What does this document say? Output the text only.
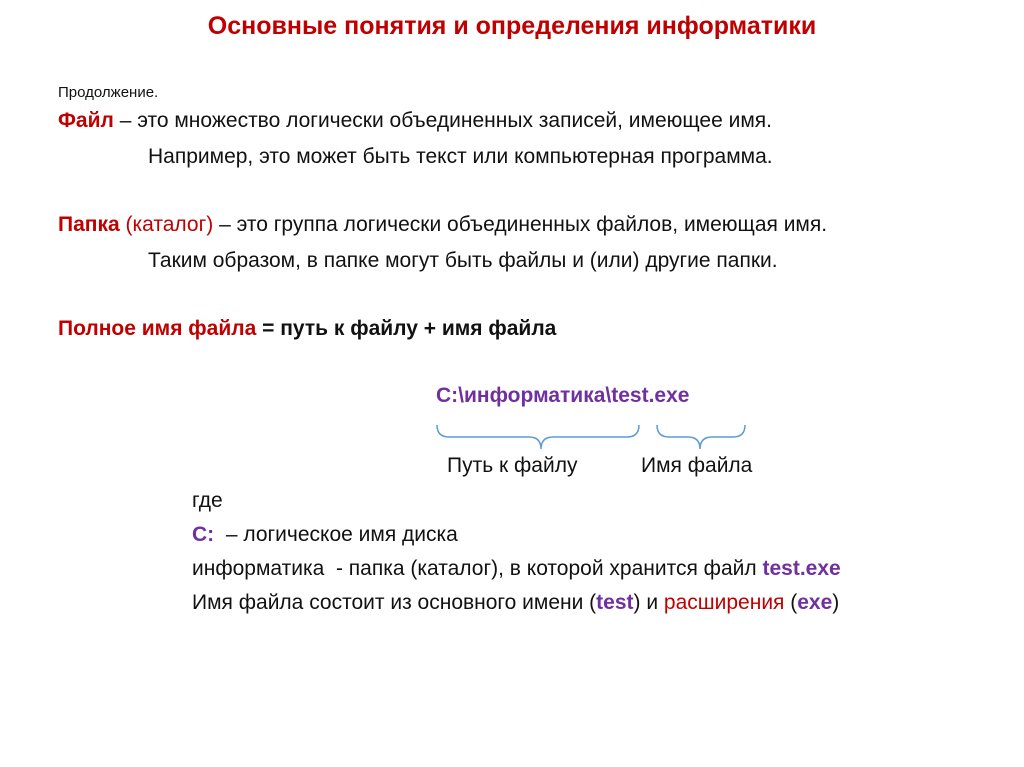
Основные понятия и определения информатики
Продолжение.
Файл – это множество логически объединенных записей, имеющее имя.
Например, это может быть текст или компьютерная программа.
Папка (каталог) – это группа логически объединенных файлов, имеющая имя.
Таким образом, в папке могут быть файлы и (или) другие папки.
Полное имя файла = путь к файлу + имя файла
C:\информатика\test.exe
Путь к файлу	Имя файла
где
C:  – логическое имя диска
информатика  - папка (каталог), в которой хранится файл test.exe
Имя файла состоит из основного имени (test) и расширения (exe)
